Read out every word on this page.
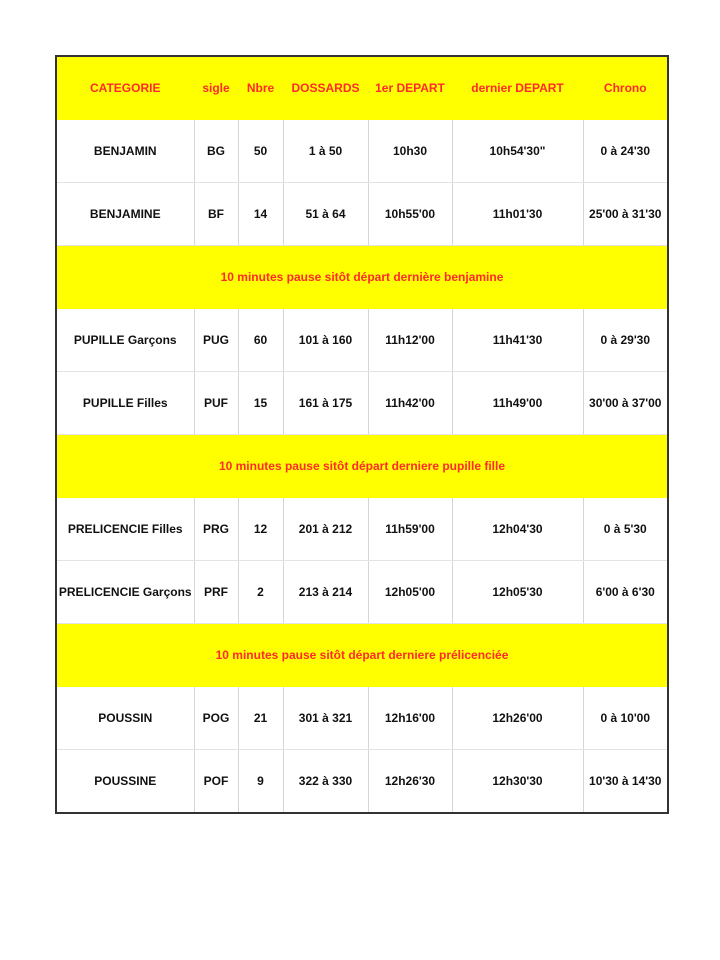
CATEGORIE	sigle	Nbre	DOSSARDS	1er DEPART	dernier DEPART	Chrono
BENJAMIN	BG	50	1 à 50	10h30	10h54'30"	0 à 24'30
BENJAMINE	BF	14	51 à 64	10h55'00	11h01'30	25'00 à 31'30
10 minutes pause sitôt départ dernière benjamine						
PUPILLE Garçons	PUG	60	101 à 160	11h12'00	11h41'30	0 à 29'30
PUPILLE Filles	PUF	15	161 à 175	11h42'00	11h49'00	30'00 à 37'00
10 minutes pause sitôt départ derniere pupille fille						
PRELICENCIE Filles	PRG	12	201 à 212	11h59'00	12h04'30	0 à 5'30
PRELICENCIE Garçons	PRF	2	213 à 214	12h05'00	12h05'30	6'00 à 6'30
10 minutes pause sitôt départ derniere prélicenciée						
POUSSIN	POG	21	301 à 321	12h16'00	12h26'00	0 à 10'00
POUSSINE	POF	9	322 à 330	12h26'30	12h30'30	10'30 à 14'30
